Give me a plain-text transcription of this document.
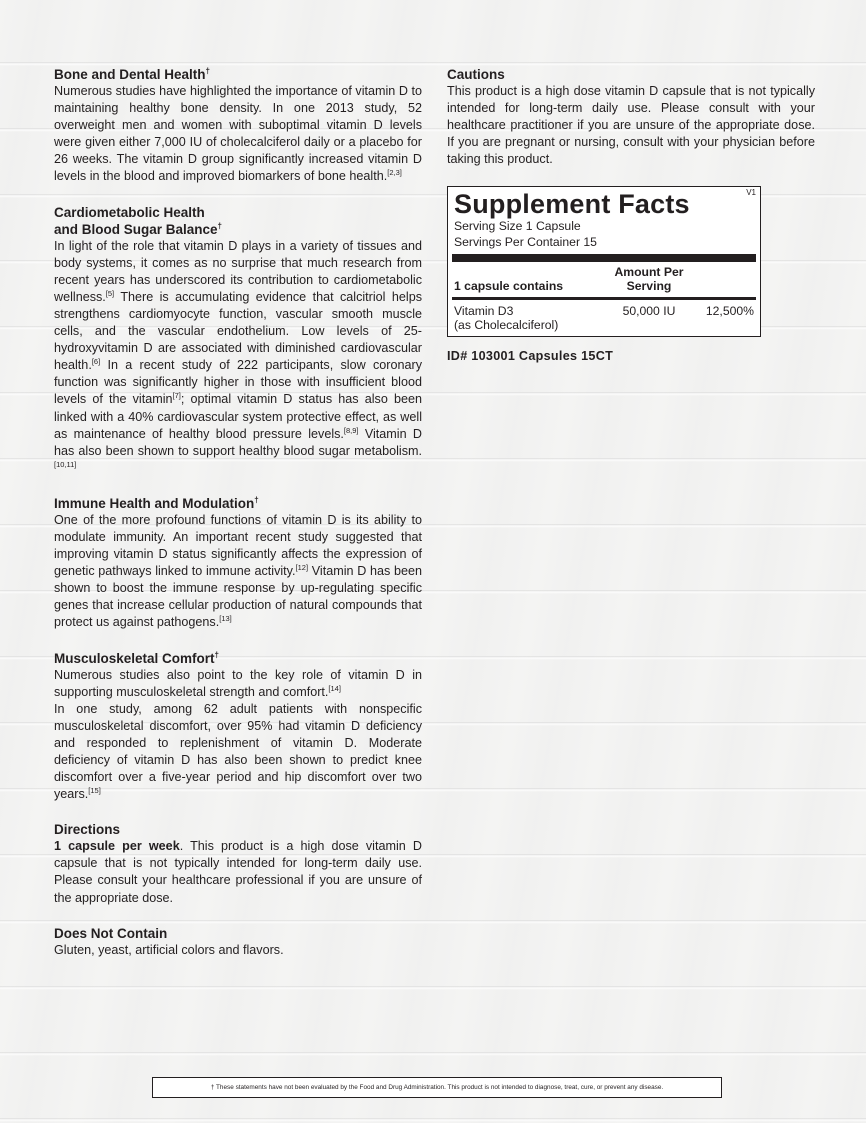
Bone and Dental Health†

Numerous studies have highlighted the importance of vitamin D to maintaining healthy bone density. In one 2013 study, 52 overweight men and women with suboptimal vitamin D levels were given either 7,000 IU of cholecalciferol daily or a placebo for 26 weeks. The vitamin D group significantly increased vitamin D levels in the blood and improved biomarkers of bone health.[2,3]

Cardiometabolic Health
and Blood Sugar Balance†

In light of the role that vitamin D plays in a variety of tissues and body systems, it comes as no surprise that much research from recent years has underscored its contribution to cardiometabolic wellness.[5] There is accumulating evidence that calcitriol helps strengthens cardiomyocyte function, vascular smooth muscle cells, and the vascular endothelium. Low levels of 25-hydroxyvitamin D are associated with diminished cardiovascular health.[6] In a recent study of 222 participants, slow coronary function was significantly higher in those with insufficient blood levels of the vitamin[7]; optimal vitamin D status has also been linked with a 40% cardiovascular system protective effect, as well as maintenance of healthy blood pressure levels.[8,9] Vitamin D has also been shown to support healthy blood sugar metabolism.[10,11]

Immune Health and Modulation†

One of the more profound functions of vitamin D is its ability to modulate immunity. An important recent study suggested that improving vitamin D status significantly affects the expression of genetic pathways linked to immune activity.[12] Vitamin D has been shown to boost the immune response by up-regulating specific genes that increase cellular production of natural compounds that protect us against pathogens.[13]

Musculoskeletal Comfort†

Numerous studies also point to the key role of vitamin D in supporting musculoskeletal strength and comfort.[14]

In one study, among 62 adult patients with nonspecific musculoskeletal discomfort, over 95% had vitamin D deficiency and responded to replenishment of vitamin D. Moderate deficiency of vitamin D has also been shown to predict knee discomfort over a five-year period and hip discomfort over two years.[15]

Directions

1 capsule per week. This product is a high dose vitamin D capsule that is not typically intended for long-term daily use. Please consult your healthcare professional if you are unsure of the appropriate dose.

Does Not Contain

Gluten, yeast, artificial colors and flavors.

Cautions

This product is a high dose vitamin D capsule that is not typically intended for long-term daily use. Please consult with your healthcare practitioner if you are unsure of the appropriate dose. If you are pregnant or nursing, consult with your physician before taking this product.

V1
Supplement Facts
Serving Size 1 Capsule
Servings Per Container 15
1 capsule contains
Amount Per
Serving
Vitamin D3
(as Cholecalciferol)
50,000 IU	12,500%
ID# 103001 Capsules 15CT
† These statements have not been evaluated by the Food and Drug Administration. This product is not intended to diagnose, treat, cure, or prevent any disease.
